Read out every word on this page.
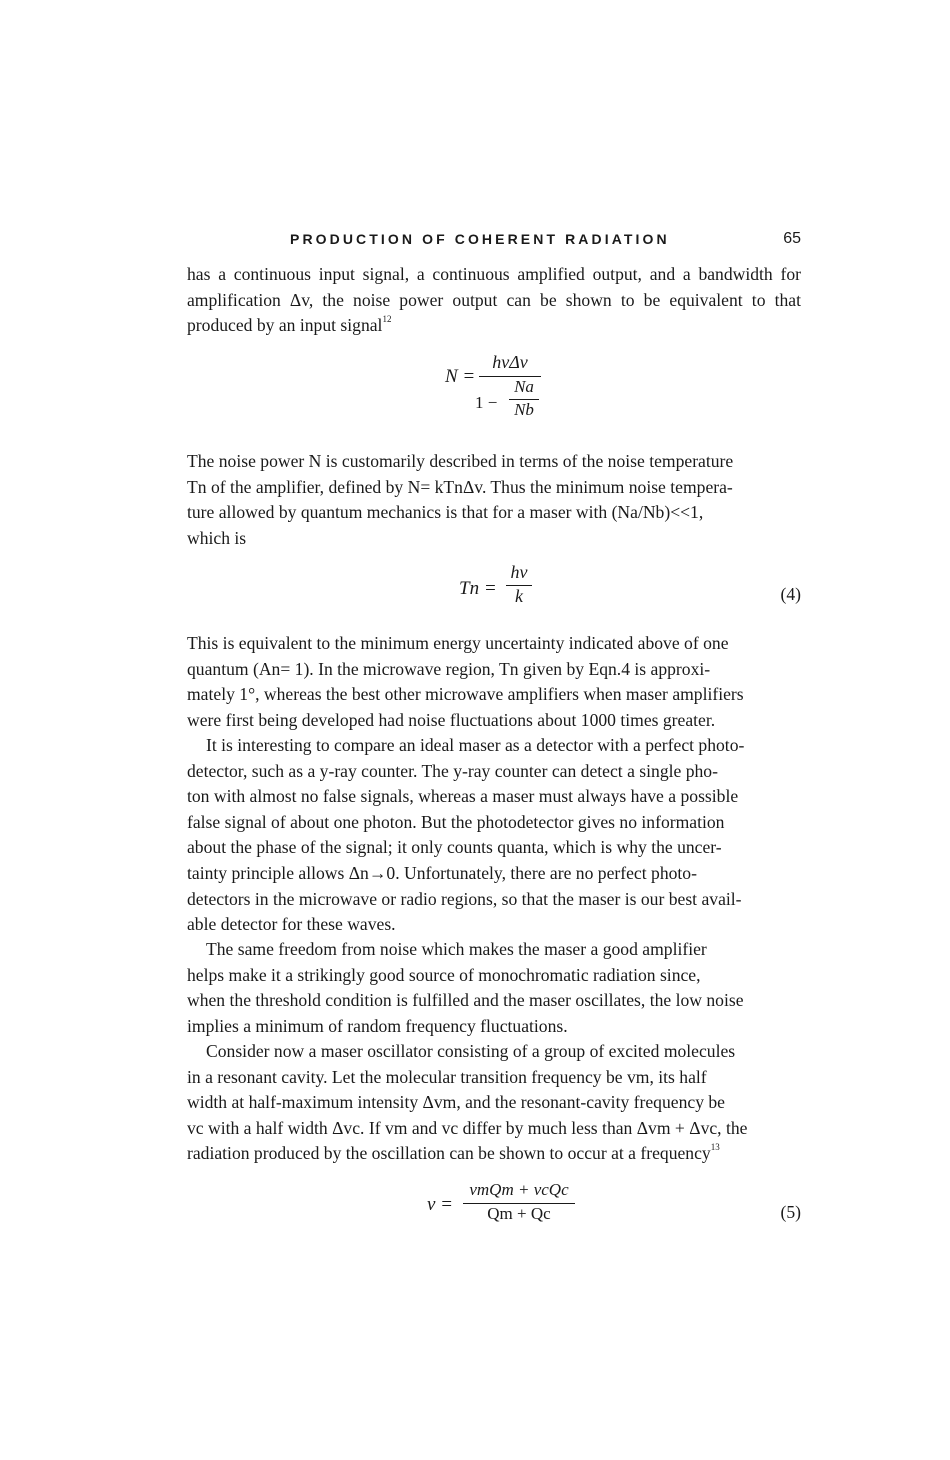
PRODUCTION OF COHERENT RADIATION	65

has a continuous input signal, a continuous amplified output, and a bandwidth for amplification Δv, the noise power output can be shown to be equivalent to that produced by an input signal$^{12}$

N =
hvΔv
1 −
Na
Nb
The noise power N is customarily described in terms of the noise temperature
Tn of the amplifier, defined by N= kTnΔv. Thus the minimum noise tempera-
ture allowed by quantum mechanics is that for a maser with (Na/Nb)<<1,
which is
Tn =
hv
k	(4)
This is equivalent to the minimum energy uncertainty indicated above of one
quantum (An= 1). In the microwave region, Tn given by Eqn.4 is approxi-
mately 1°, whereas the best other microwave amplifiers when maser amplifiers
were first being developed had noise fluctuations about 1000 times greater.
It is interesting to compare an ideal maser as a detector with a perfect photo-
detector, such as a y-ray counter. The y-ray counter can detect a single pho-
ton with almost no false signals, whereas a maser must always have a possible
false signal of about one photon. But the photodetector gives no information
about the phase of the signal; it only counts quanta, which is why the uncer-
tainty principle allows Δn→0. Unfortunately, there are no perfect photo-
detectors in the microwave or radio regions, so that the maser is our best avail-
able detector for these waves.
The same freedom from noise which makes the maser a good amplifier
helps make it a strikingly good source of monochromatic radiation since,
when the threshold condition is fulfilled and the maser oscillates, the low noise
implies a minimum of random frequency fluctuations.
Consider now a maser oscillator consisting of a group of excited molecules
in a resonant cavity. Let the molecular transition frequency be vm, its half
width at half-maximum intensity Δvm, and the resonant-cavity frequency be
vc with a half width Δvc. If vm and vc differ by much less than Δvm + Δvc, the
radiation produced by the oscillation can be shown to occur at a frequency$^{13}$
v =
vmQm + vcQc
Qm + Qc	(5)
